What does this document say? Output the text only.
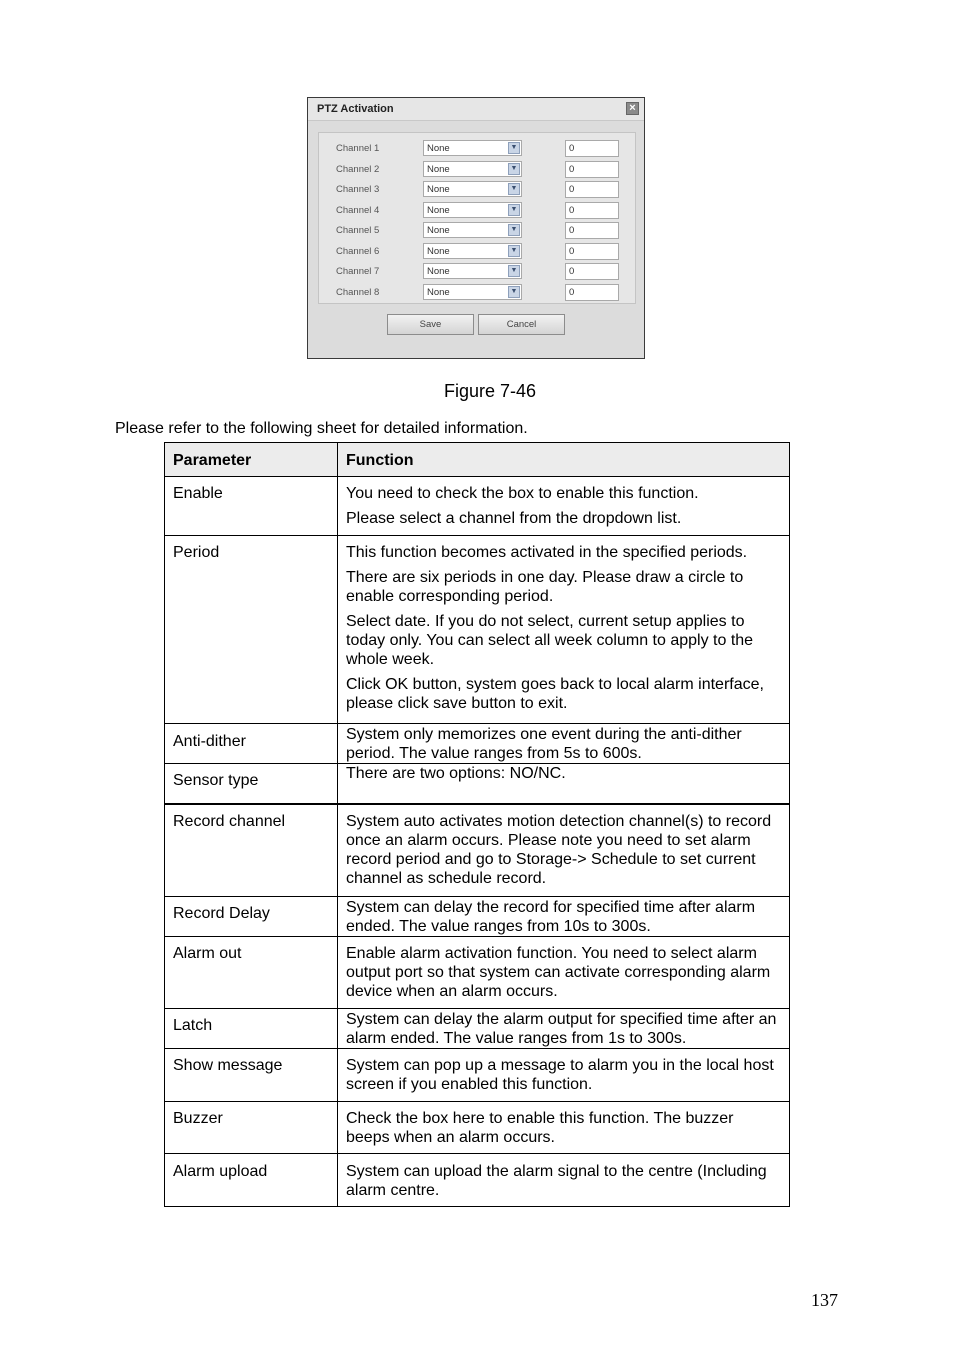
PTZ Activation	×
Channel 1	None	▼	0
Channel 2	None	▼	0
Channel 3	None	▼	0
Channel 4	None	▼	0
Channel 5	None	▼	0
Channel 6	None	▼	0
Channel 7	None	▼	0
Channel 8	None	▼	0
Save	Cancel
Figure 7-46
Please refer to the following sheet for detailed information.
Parameter	Function
Enable	You need to check the box to enable this function.

Please select a channel from the dropdown list.

Period	This function becomes activated in the specified periods.

There are six periods in one day. Please draw a circle to enable corresponding period.

Select date. If you do not select, current setup applies to today only. You can select all week column to apply to the whole week.

Click OK button, system goes back to local alarm interface, please click save button to exit.

Anti-dither	System only memorizes one event during the anti-dither period. The value ranges from 5s to 600s.

Sensor type	There are two options: NO/NC.

Record channel	System auto activates motion detection channel(s) to record once an alarm occurs. Please note you need to set alarm record period and go to Storage-> Schedule to set current channel as schedule record.

Record Delay	System can delay the record for specified time after alarm ended. The value ranges from 10s to 300s.

Alarm out	Enable alarm activation function. You need to select alarm output port so that system can activate corresponding alarm device when an alarm occurs.

Latch	System can delay the alarm output for specified time after an alarm ended. The value ranges from 1s to 300s.

Show message	System can pop up a message to alarm you in the local host screen if you enabled this function.

Buzzer	Check the box here to enable this function. The buzzer beeps when an alarm occurs.

Alarm upload	System can upload the alarm signal to the centre (Including alarm centre.

137
